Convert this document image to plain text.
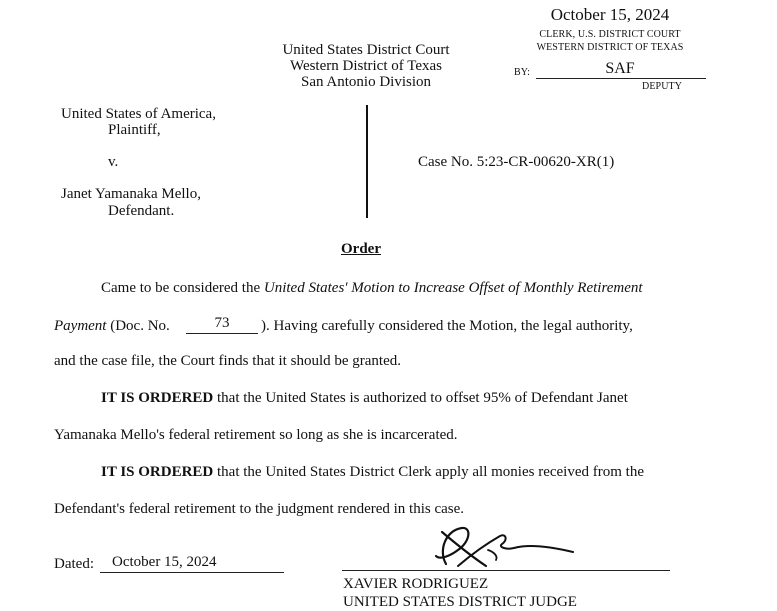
October 15, 2024
CLERK, U.S. DISTRICT COURT
WESTERN DISTRICT OF TEXAS
BY:	SAF
DEPUTY
United States District Court
Western District of Texas
San Antonio Division
United States of America,
Plaintiff,
v.
Janet Yamanaka Mello,
Defendant.
Case No. 5:23-CR-00620-XR(1)
Order
Came to be considered the United States' Motion to Increase Offset of Monthly Retirement
Payment (Doc. No.	73	). Having carefully considered the Motion, the legal authority,
and the case file, the Court finds that it should be granted.
IT IS ORDERED that the United States is authorized to offset 95% of Defendant Janet
Yamanaka Mello's federal retirement so long as she is incarcerated.
IT IS ORDERED that the United States District Clerk apply all monies received from the
Defendant's federal retirement to the judgment rendered in this case.
Dated: October 15, 2024
XAVIER RODRIGUEZ
UNITED STATES DISTRICT JUDGE
